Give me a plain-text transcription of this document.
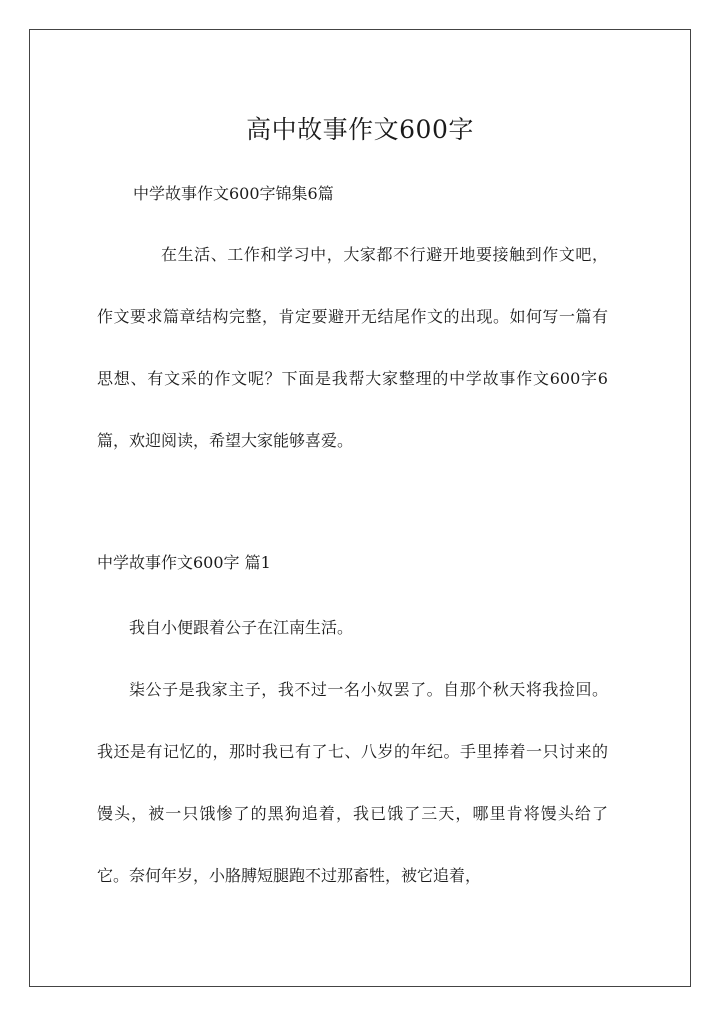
高中故事作文600字
中学故事作文600字锦集6篇

在生活、工作和学习中，大家都不行避开地要接触到作文吧，作文要求篇章结构完整，肯定要避开无结尾作文的出现。如何写一篇有思想、有文采的作文呢？下面是我帮大家整理的中学故事作文600字6篇，欢迎阅读，希望大家能够喜爱。

中学故事作文600字 篇1

我自小便跟着公子在江南生活。

柒公子是我家主子，我不过一名小奴罢了。自那个秋天将我捡回。我还是有记忆的，那时我已有了七、八岁的年纪。手里捧着一只讨来的馒头，被一只饿惨了的黑狗追着，我已饿了三天，哪里肯将馒头给了它。奈何年岁，小胳膊短腿跑不过那畜牲，被它追着，
